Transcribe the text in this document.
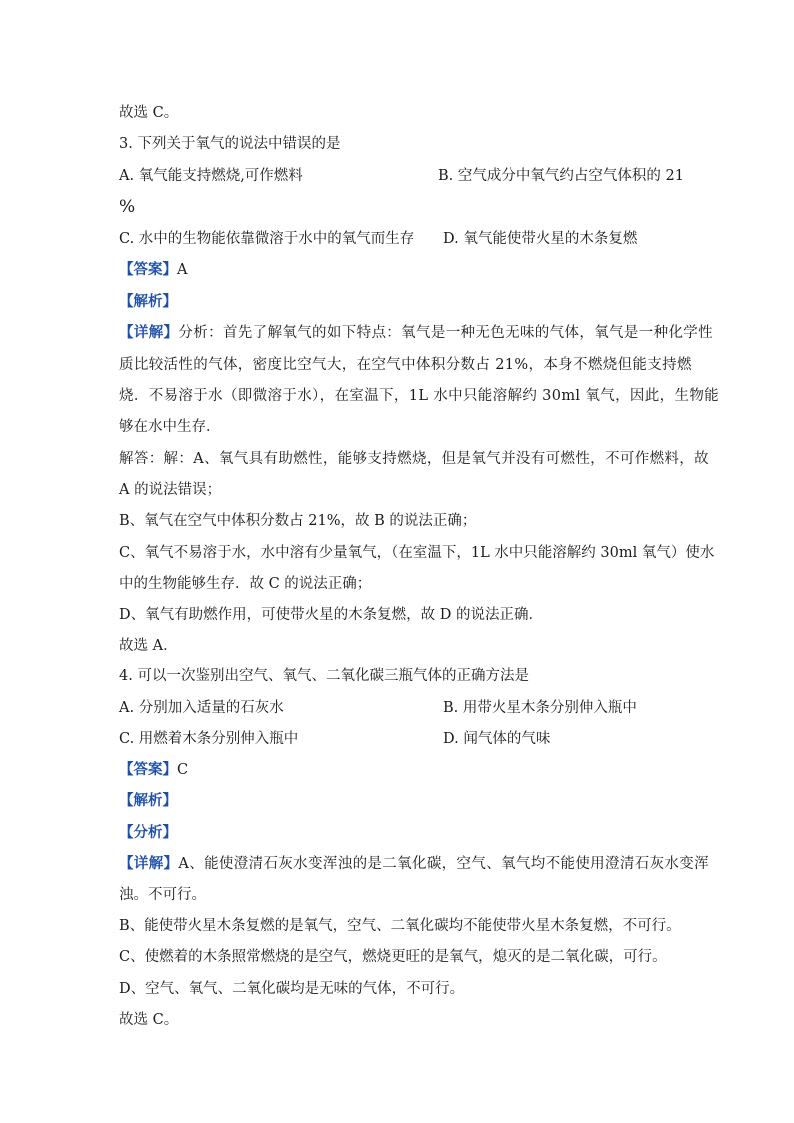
故选 C。
3. 下列关于氧气的说法中错误的是
A. 氧气能支持燃烧,可作燃料	B. 空气成分中氧气约占空气体积的 21
%
C. 水中的生物能依靠微溶于水中的氧气而生存 D. 氧气能使带火星的木条复燃
【答案】A
【解析】
【详解】分析：首先了解氧气的如下特点：氧气是一种无色无味的气体，氧气是一种化学性
质比较活性的气体，密度比空气大，在空气中体积分数占 21%，本身不燃烧但能支持燃
烧．不易溶于水（即微溶于水），在室温下，1L 水中只能溶解约 30ml 氧气，因此，生物能
够在水中生存．
解答：解：A、氧气具有助燃性，能够支持燃烧，但是氧气并没有可燃性，不可作燃料，故
A 的说法错误；
B、氧气在空气中体积分数占 21%，故 B 的说法正确；
C、氧气不易溶于水，水中溶有少量氧气，（在室温下，1L 水中只能溶解约 30ml 氧气）使水
中的生物能够生存．故 C 的说法正确；
D、氧气有助燃作用，可使带火星的木条复燃，故 D 的说法正确．
故选 A．
4. 可以一次鉴别出空气、氧气、二氧化碳三瓶气体的正确方法是
A. 分别加入适量的石灰水	B. 用带火星木条分别伸入瓶中
C. 用燃着木条分别伸入瓶中	D. 闻气体的气味
【答案】C
【解析】
【分析】
【详解】A、能使澄清石灰水变浑浊的是二氧化碳，空气、氧气均不能使用澄清石灰水变浑
浊。不可行。
B、能使带火星木条复燃的是氧气，空气、二氧化碳均不能使带火星木条复燃，不可行。
C、使燃着的木条照常燃烧的是空气，燃烧更旺的是氧气，熄灭的是二氧化碳，可行。
D、空气、氧气、二氧化碳均是无味的气体，不可行。
故选 C。
